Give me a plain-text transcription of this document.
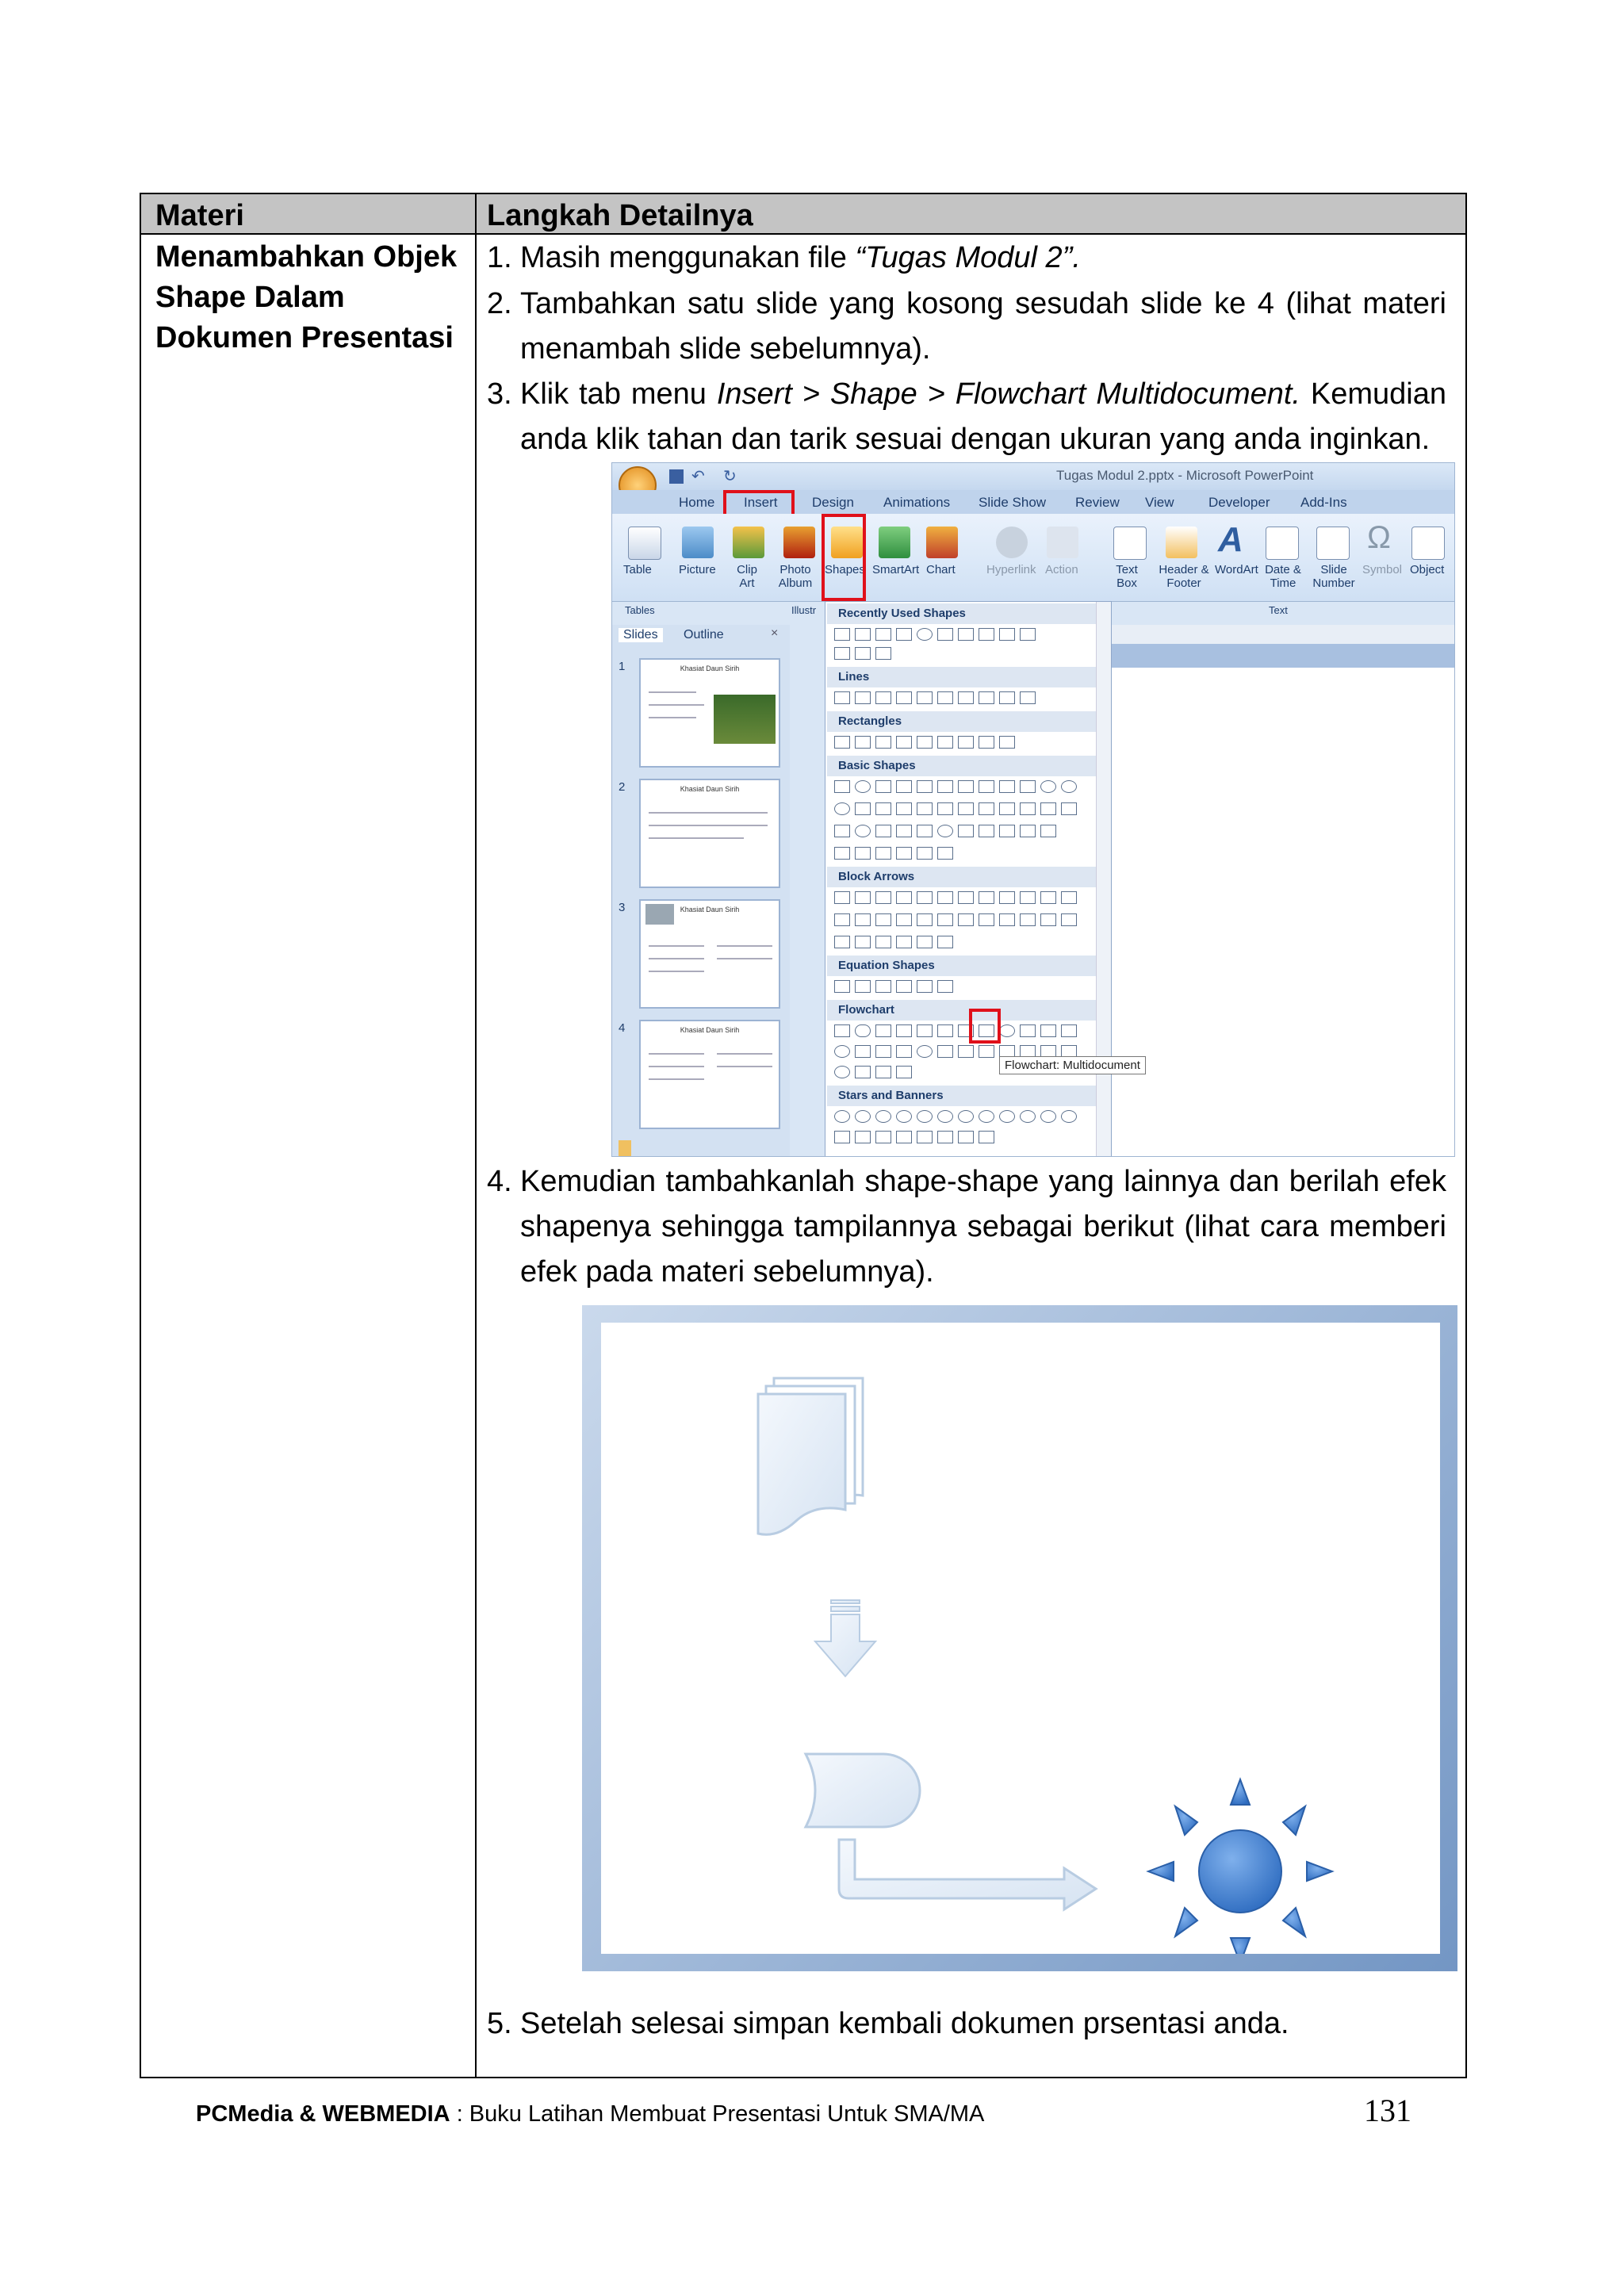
Materi	Langkah Detailnya
Menambahkan Objek Shape Dalam Dokumen Presentasi
1. Masih menggunakan file “Tugas Modul 2”.
2. Tambahkan satu slide yang kosong sesudah slide ke 4 (lihat materi menambah slide sebelumnya).
3. Klik tab menu Insert > Shape > Flowchart Multidocument. Kemudian anda klik tahan dan tarik sesuai dengan ukuran yang anda inginkan.
4. Kemudian tambahkanlah shape-shape yang lainnya dan berilah efek shapenya sehingga tampilannya sebagai berikut (lihat cara memberi efek pada materi sebelumnya).
5. Setelah selesai simpan kembali dokumen prsentasi anda.
↶ ↻	Tugas Modul 2.pptx - Microsoft PowerPoint
Home Insert	Design Animations Slide Show Review View	Developer Add-Ins
A	Ω
Table Picture	Clip Art
Photo Album
Shapes SmartArt Chart	Hyperlink Action	Text Box
Header & Footer
WordArt Date & Time
Slide Number
Symbol Object
Tables	Illustr	Text
Slides	Outline	×
1	Khasiat Daun Sirih
2	Khasiat Daun Sirih
3	Khasiat Daun Sirih
4	Khasiat Daun Sirih
Recently Used Shapes
Lines
Rectangles
Basic Shapes
Block Arrows
Equation Shapes
Flowchart
Stars and Banners
Flowchart: Multidocument
PCMedia & WEBMEDIA : Buku Latihan Membuat Presentasi Untuk SMA/MA	131
